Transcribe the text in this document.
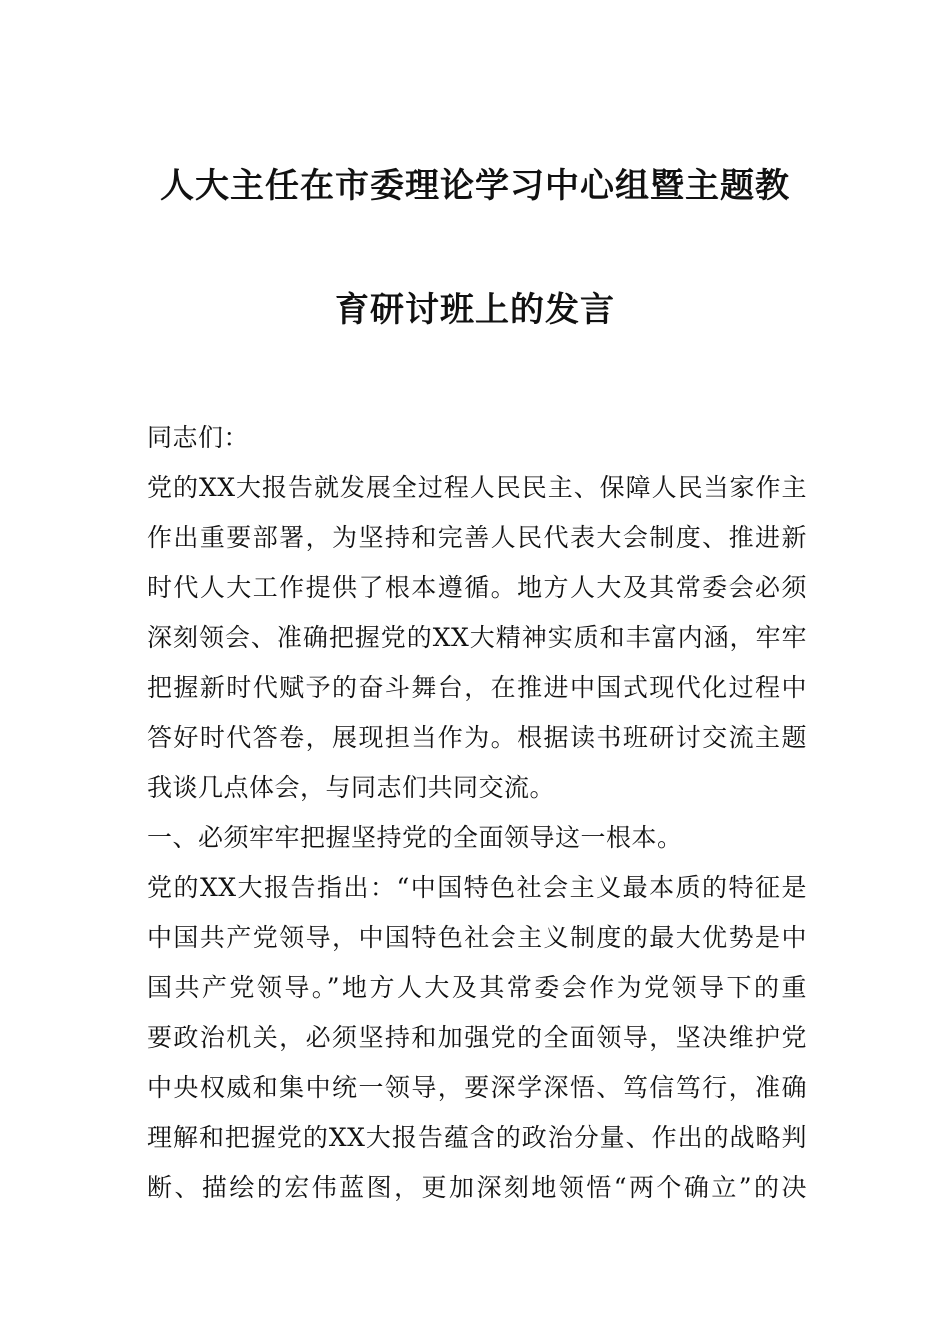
人大主任在市委理论学习中心组暨主题教
育研讨班上的发言

同志们：

党的XX大报告就发展全过程人民民主、保障人民当家作主
作出重要部署，为坚持和完善人民代表大会制度、推进新
时代人大工作提供了根本遵循。地方人大及其常委会必须
深刻领会、准确把握党的XX大精神实质和丰富内涵，牢牢
把握新时代赋予的奋斗舞台，在推进中国式现代化过程中
答好时代答卷，展现担当作为。根据读书班研讨交流主题
我谈几点体会，与同志们共同交流。

一、必须牢牢把握坚持党的全面领导这一根本。

党的XX大报告指出：“中国特色社会主义最本质的特征是
中国共产党领导，中国特色社会主义制度的最大优势是中
国共产党领导。”地方人大及其常委会作为党领导下的重
要政治机关，必须坚持和加强党的全面领导，坚决维护党
中央权威和集中统一领导，要深学深悟、笃信笃行，准确
理解和把握党的XX大报告蕴含的政治分量、作出的战略判
断、描绘的宏伟蓝图，更加深刻地领悟“两个确立”的决
